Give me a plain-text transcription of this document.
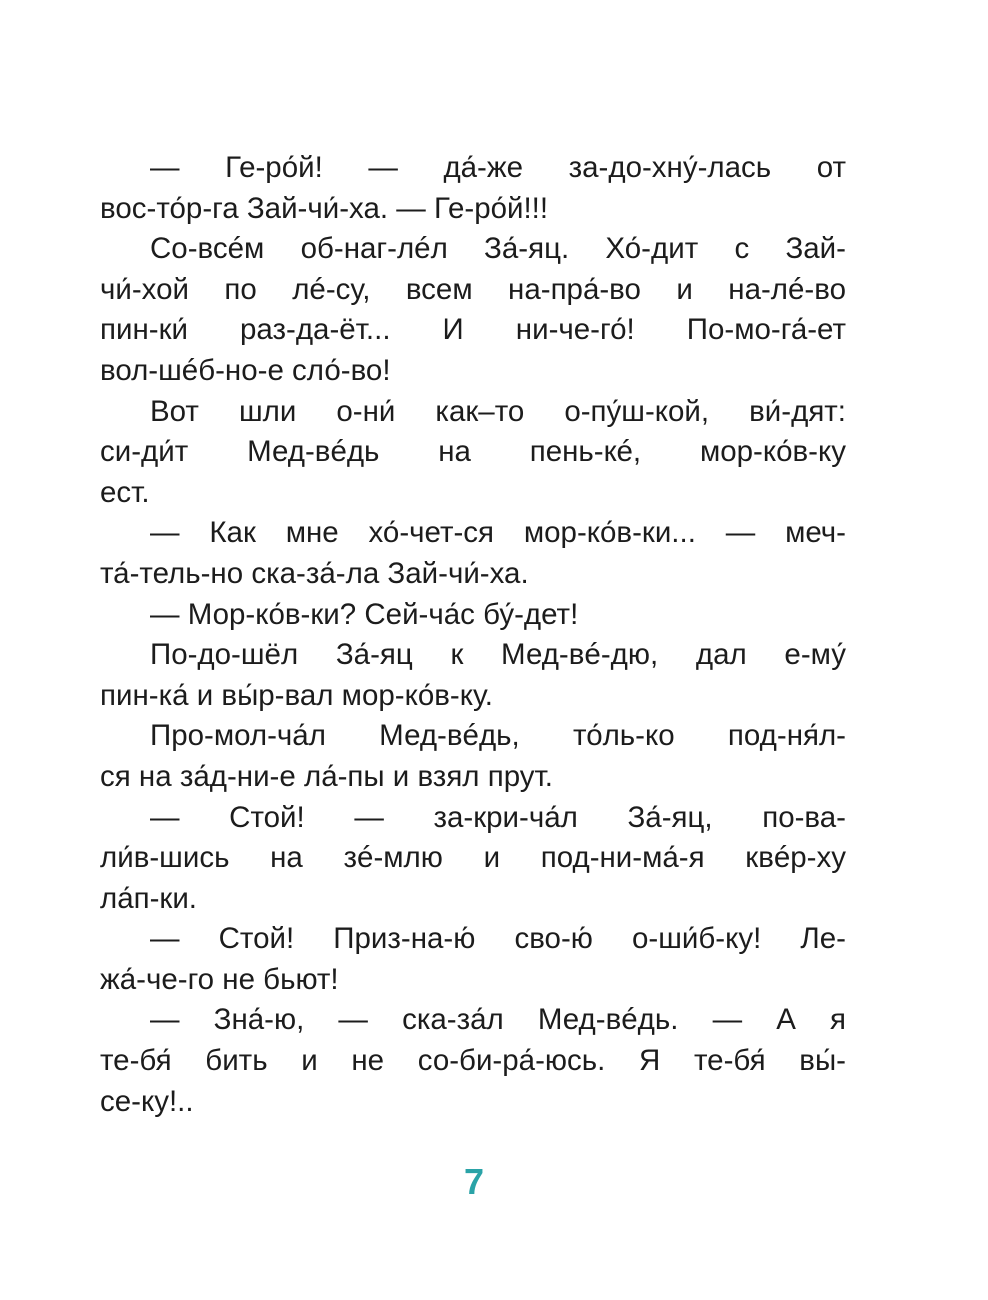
— Ге-ро́й! — да́-же за-до-хну́-лась от
вос-то́р-га Зай-чи́-ха. — Ге-ро́й!!!
Со-всéм об-наг-лéл За́-яц. Хо́-дит с Зай-
чи́-хой по лé-су, всем на-пра́-во и на-лé-во
пин-ки́ раз-да-ёт... И ни-че-го́! По-мо-га́-ет
вол-шéб-но-е сло́-во!
Вот шли о-ни́ как–то о-пу́ш-кой, ви́-дят:
си-ди́т Мед-вéдь на пень-кé, мор-ко́в-ку
ест.
— Как мне хо́-чет-ся мор-ко́в-ки... — меч-
та́-тель-но ска-за́-ла Зай-чи́-ха.
— Мор-ко́в-ки? Сей-ча́с бу́-дет!
По-до-шёл За́-яц к Мед-вé-дю, дал е-му́
пин-ка́ и вы́р-вал мор-ко́в-ку.
Про-мол-ча́л Мед-вéдь, то́ль-ко под-ня́л-
ся на за́д-ни-е ла́-пы и взял прут.
— Стой! — за-кри-ча́л За́-яц, по-ва-
ли́в-шись на зé-млю и под-ни-ма́-я квéр-ху
ла́п-ки.
— Стой! Приз-на-ю́ сво-ю́ о-ши́б-ку! Ле-
жа́-че-го не бьют!
— Зна́-ю, — ска-за́л Мед-вéдь. — А я
те-бя́ бить и не со-би-ра́-юсь. Я те-бя́ вы́-
се-ку!..
7
